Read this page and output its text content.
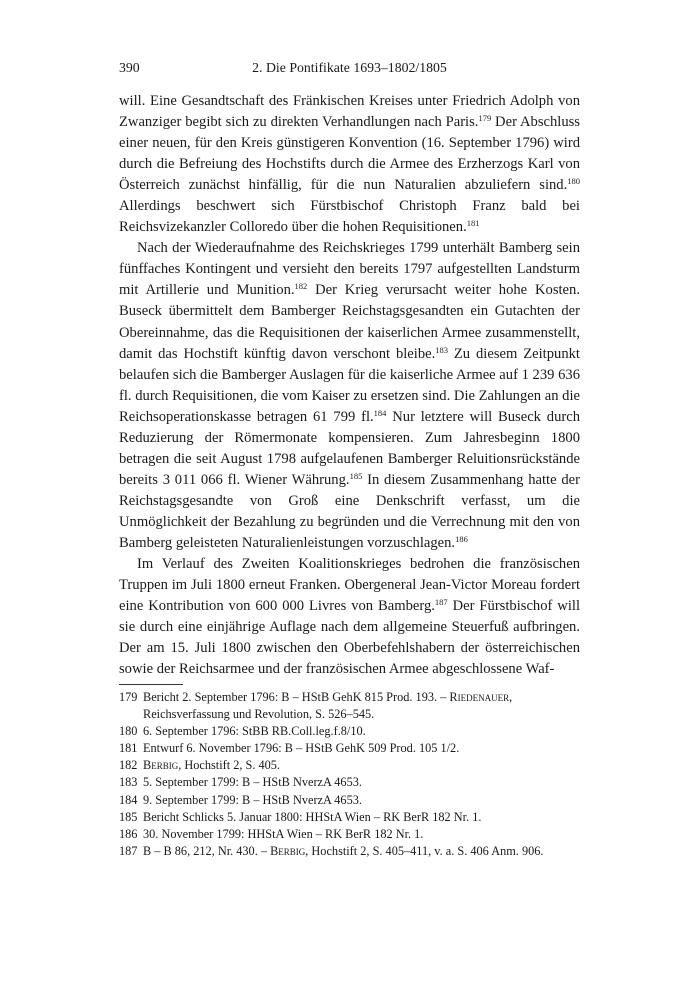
390	2. Die Pontifikate 1693–1802/1805

will. Eine Gesandtschaft des Fränkischen Kreises unter Friedrich Adolph von Zwanziger begibt sich zu direkten Verhandlungen nach Paris.$^{179}$ Der Abschluss einer neuen, für den Kreis günstigeren Konvention (16. September 1796) wird durch die Befreiung des Hochstifts durch die Armee des Erzherzogs Karl von Österreich zunächst hinfällig, für die nun Naturalien abzuliefern sind.$^{180}$ Allerdings beschwert sich Fürstbischof Christoph Franz bald bei Reichsvizekanzler Colloredo über die hohen Requisitionen.$^{181}$

Nach der Wiederaufnahme des Reichskrieges 1799 unterhält Bamberg sein fünffaches Kontingent und versieht den bereits 1797 aufgestellten Landsturm mit Artillerie und Munition.$^{182}$ Der Krieg verursacht weiter hohe Kosten. Buseck übermittelt dem Bamberger Reichstagsgesandten ein Gutachten der Obereinnahme, das die Requisitionen der kaiserlichen Armee zusammenstellt, damit das Hochstift künftig davon verschont bleibe.$^{183}$ Zu diesem Zeitpunkt belaufen sich die Bamberger Auslagen für die kaiserliche Armee auf 1 239 636 fl. durch Requisitionen, die vom Kaiser zu ersetzen sind. Die Zahlungen an die Reichsoperationskasse betragen 61 799 fl.$^{184}$ Nur letztere will Buseck durch Reduzierung der Römermonate kompensieren. Zum Jahresbeginn 1800 betragen die seit August 1798 aufgelaufenen Bamberger Reluitionsrückstände bereits 3 011 066 fl. Wiener Währung.$^{185}$ In diesem Zusammenhang hatte der Reichstagsgesandte von Groß eine Denkschrift verfasst, um die Unmöglichkeit der Bezahlung zu begründen und die Verrechnung mit den von Bamberg geleisteten Naturalienleistungen vorzuschlagen.$^{186}$

Im Verlauf des Zweiten Koalitionskrieges bedrohen die französischen Truppen im Juli 1800 erneut Franken. Obergeneral Jean-Victor Moreau fordert eine Kontribution von 600 000 Livres von Bamberg.$^{187}$ Der Fürstbischof will sie durch eine einjährige Auflage nach dem allgemeine Steuerfuß aufbringen. Der am 15. Juli 1800 zwischen den Oberbefehlshabern der österreichischen sowie der Reichsarmee und der französischen Armee abgeschlossene Waf-

179 Bericht 2. September 1796: B – HStB GehK 815 Prod. 193. – Riedenauer, Reichsverfassung und Revolution, S. 526–545.
180 6. September 1796: StBB RB.Coll.leg.f.8/10.
181 Entwurf 6. November 1796: B – HStB GehK 509 Prod. 105 1/2.
182 Berbig, Hochstift 2, S. 405.
183 5. September 1799: B – HStB NverzA 4653.
184 9. September 1799: B – HStB NverzA 4653.
185 Bericht Schlicks 5. Januar 1800: HHStA Wien – RK BerR 182 Nr. 1.
186 30. November 1799: HHStA Wien – RK BerR 182 Nr. 1.
187 B – B 86, 212, Nr. 430. – Berbig, Hochstift 2, S. 405–411, v. a. S. 406 Anm. 906.
